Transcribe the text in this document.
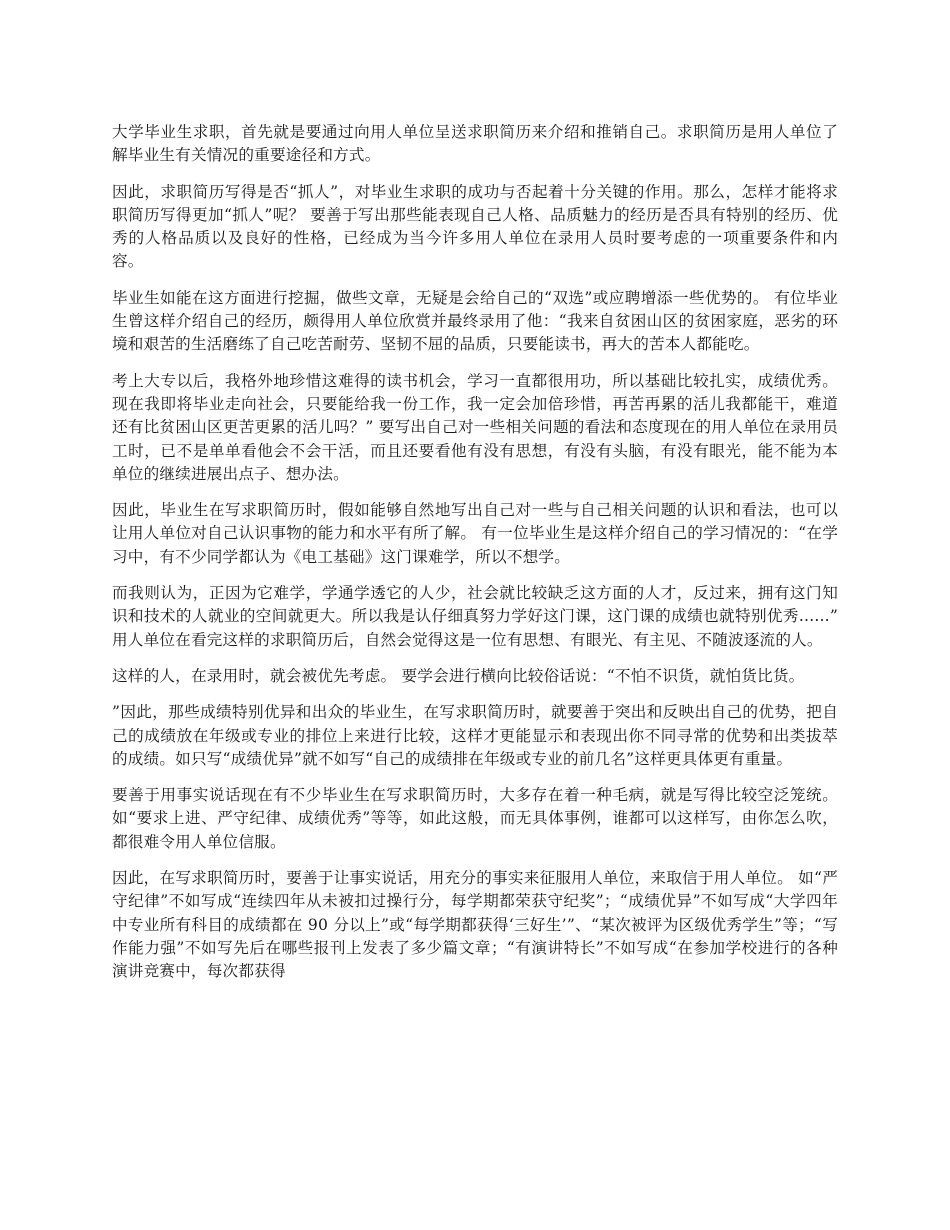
大学毕业生求职，首先就是要通过向用人单位呈送求职简历来介绍和推销自己。求职简历是用人单位了解毕业生有关情况的重要途径和方式。

因此，求职简历写得是否“抓人”，对毕业生求职的成功与否起着十分关键的作用。那么，怎样才能将求职简历写得更加“抓人”呢？ 要善于写出那些能表现自己人格、品质魅力的经历是否具有特别的经历、优秀的人格品质以及良好的性格，已经成为当今许多用人单位在录用人员时要考虑的一项重要条件和内容。

毕业生如能在这方面进行挖掘，做些文章，无疑是会给自己的“双选”或应聘增添一些优势的。 有位毕业生曾这样介绍自己的经历，颇得用人单位欣赏并最终录用了他：“我来自贫困山区的贫困家庭，恶劣的环境和艰苦的生活磨练了自己吃苦耐劳、坚韧不屈的品质，只要能读书，再大的苦本人都能吃。

考上大专以后，我格外地珍惜这难得的读书机会，学习一直都很用功，所以基础比较扎实，成绩优秀。现在我即将毕业走向社会，只要能给我一份工作，我一定会加倍珍惜，再苦再累的活儿我都能干，难道还有比贫困山区更苦更累的活儿吗？” 要写出自己对一些相关问题的看法和态度现在的用人单位在录用员工时，已不是单单看他会不会干活，而且还要看他有没有思想，有没有头脑，有没有眼光，能不能为本单位的继续进展出点子、想办法。

因此，毕业生在写求职简历时，假如能够自然地写出自己对一些与自己相关问题的认识和看法，也可以让用人单位对自己认识事物的能力和水平有所了解。 有一位毕业生是这样介绍自己的学习情况的：“在学习中，有不少同学都认为《电工基础》这门课难学，所以不想学。

而我则认为，正因为它难学，学通学透它的人少，社会就比较缺乏这方面的人才，反过来，拥有这门知识和技术的人就业的空间就更大。所以我是认仔细真努力学好这门课，这门课的成绩也就特别优秀......” 用人单位在看完这样的求职简历后，自然会觉得这是一位有思想、有眼光、有主见、不随波逐流的人。

这样的人，在录用时，就会被优先考虑。 要学会进行横向比较俗话说：“不怕不识货，就怕货比货。

”因此，那些成绩特别优异和出众的毕业生，在写求职简历时，就要善于突出和反映出自己的优势，把自己的成绩放在年级或专业的排位上来进行比较，这样才更能显示和表现出你不同寻常的优势和出类拔萃的成绩。如只写“成绩优异”就不如写“自己的成绩排在年级或专业的前几名”这样更具体更有重量。

要善于用事实说话现在有不少毕业生在写求职简历时，大多存在着一种毛病，就是写得比较空泛笼统。如“要求上进、严守纪律、成绩优秀”等等，如此这般，而无具体事例，谁都可以这样写，由你怎么吹，都很难令用人单位信服。

因此，在写求职简历时，要善于让事实说话，用充分的事实来征服用人单位，来取信于用人单位。 如“严守纪律”不如写成“连续四年从未被扣过操行分，每学期都荣获守纪奖”；“成绩优异”不如写成“大学四年中专业所有科目的成绩都在 90 分以上”或“每学期都获得‘三好生’”、“某次被评为区级优秀学生”等；“写作能力强”不如写先后在哪些报刊上发表了多少篇文章；“有演讲特长”不如写成“在参加学校进行的各种演讲竞赛中，每次都获得
